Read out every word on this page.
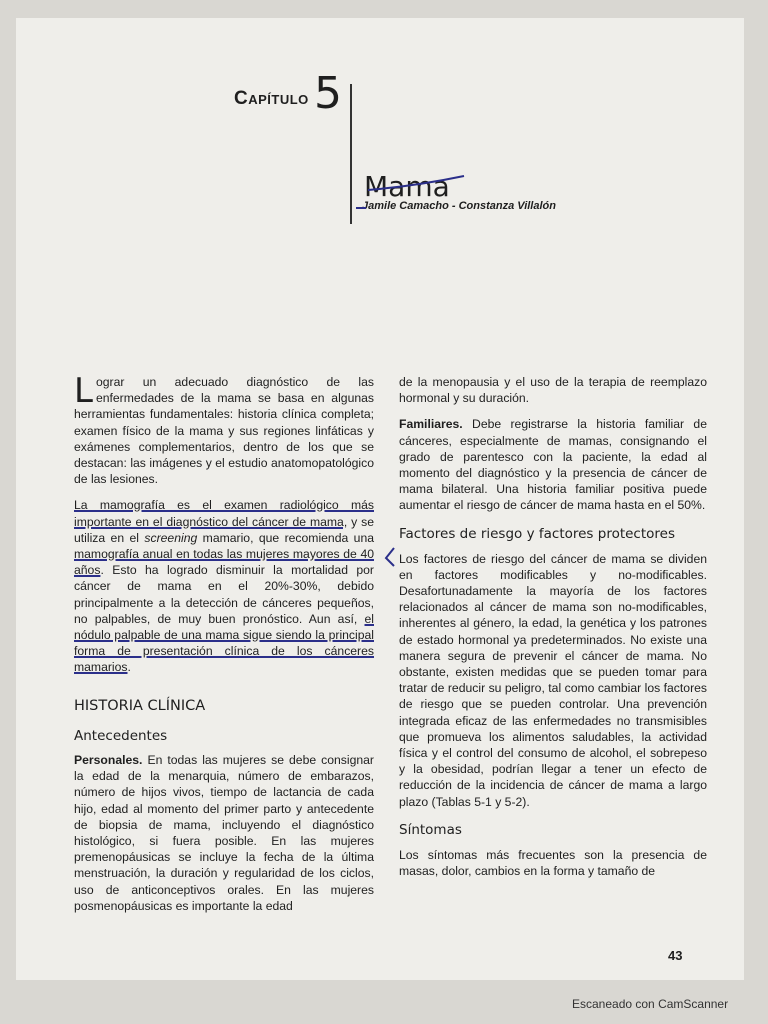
Capítulo 5
Mama
Jamile Camacho - Constanza Villalón

Lograr un adecuado diagnóstico de las enfermedades de la mama se basa en algunas herramientas fundamentales: historia clínica completa; examen físico de la mama y sus regiones linfáticas y exámenes complementarios, dentro de los que se destacan: las imágenes y el estudio anatomopatológico de las lesiones.

La mamografía es el examen radiológico más importante en el diagnóstico del cáncer de mama, y se utiliza en el screening mamario, que recomienda una mamografía anual en todas las mujeres mayores de 40 años. Esto ha logrado disminuir la mortalidad por cáncer de mama en el 20%-30%, debido principalmente a la detección de cánceres pequeños, no palpables, de muy buen pronóstico. Aun así, el nódulo palpable de una mama sigue siendo la principal forma de presentación clínica de los cánceres mamarios.

HISTORIA CLÍNICA
Antecedentes

Personales. En todas las mujeres se debe consignar la edad de la menarquia, número de embarazos, número de hijos vivos, tiempo de lactancia de cada hijo, edad al momento del primer parto y antecedente de biopsia de mama, incluyendo el diagnóstico histológico, si fuera posible. En las mujeres premenopáusicas se incluye la fecha de la última menstruación, la duración y regularidad de los ciclos, uso de anticonceptivos orales. En las mujeres posmenopáusicas es importante la edad

de la menopausia y el uso de la terapia de reemplazo hormonal y su duración.

Familiares. Debe registrarse la historia familiar de cánceres, especialmente de mamas, consignando el grado de parentesco con la paciente, la edad al momento del diagnóstico y la presencia de cáncer de mama bilateral. Una historia familiar positiva puede aumentar el riesgo de cáncer de mama hasta en el 50%.

Factores de riesgo y factores protectores

Los factores de riesgo del cáncer de mama se dividen en factores modificables y no-modificables. Desafortunadamente la mayoría de los factores relacionados al cáncer de mama son no-modificables, inherentes al género, la edad, la genética y los patrones de estado hormonal ya predeterminados. No existe una manera segura de prevenir el cáncer de mama. No obstante, existen medidas que se pueden tomar para tratar de reducir su peligro, tal como cambiar los factores de riesgo que se pueden controlar. Una prevención integrada eficaz de las enfermedades no transmisibles que promueva los alimentos saludables, la actividad física y el control del consumo de alcohol, el sobrepeso y la obesidad, podrían llegar a tener un efecto de reducción de la incidencia de cáncer de mama a largo plazo (Tablas 5-1 y 5-2).

Síntomas

Los síntomas más frecuentes son la presencia de masas, dolor, cambios en la forma y tamaño de

43
Escaneado con CamScanner
